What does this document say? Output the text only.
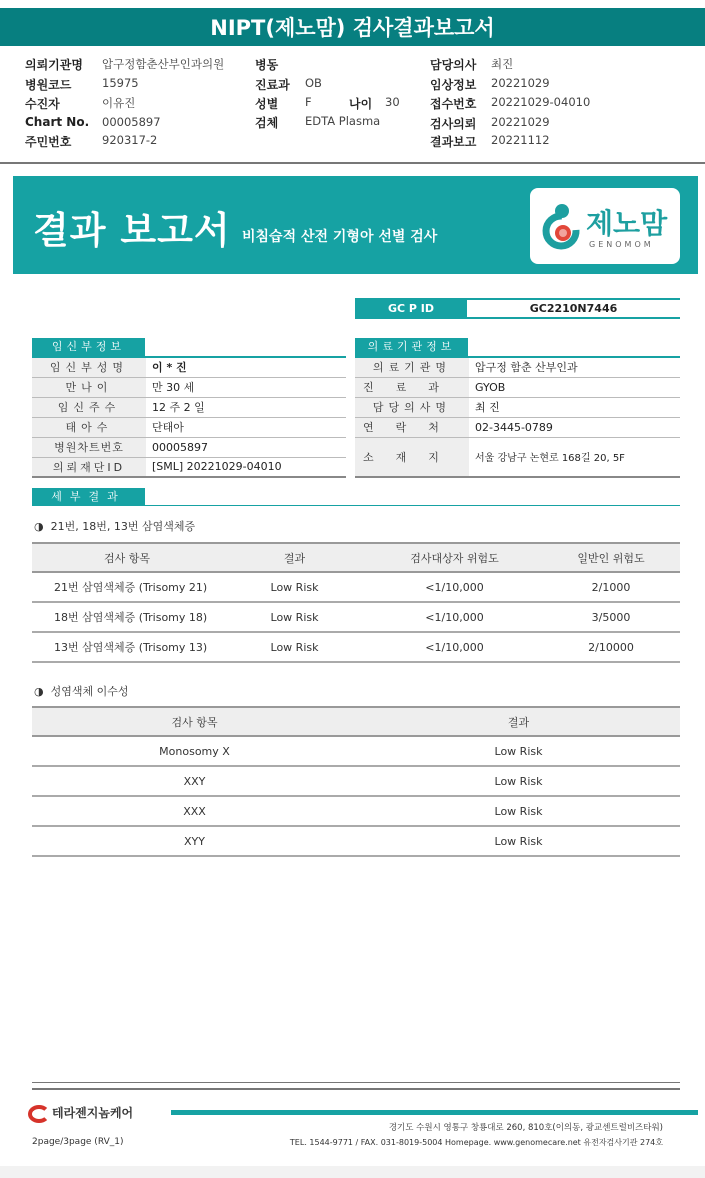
NIPT(제노맘) 검사결과보고서
의뢰기관명 압구정함춘산부인과의원
병원코드	15975
수진자	이유진
Chart No. 00005897
주민번호	920317-2
병동
진료과 OB
성별 F	나이 30
검체 EDTA Plasma
담당의사 최진
임상정보 20221029
접수번호 20221029-04010
검사의뢰 20221029
결과보고 20221112
결과 보고서 비침습적 산전 기형아 선별 검사	제노맘
GENOMOM
GC P ID	GC2210N7446
임신부정보	의료기관정보
임신부성명	이 * 진
만나이	만 30 세
임신주수	12 주 2 일
태아수	단태아
병원차트번호	00005897
의뢰재단ID	[SML] 20221029-04010
의료기관명	압구정 함춘 산부인과
진료과	GYOB
담당의사명	최 진
연락처	02-3445-0789
소재지	서울 강남구 논현로 168길 20, 5F
세부결과
◑ 21번, 18번, 13번 삼염색체증
검사 항목	결과	검사대상자 위험도	일반인 위험도
21번 삼염색체증 (Trisomy 21)	Low Risk	<1/10,000	2/1000
18번 삼염색체증 (Trisomy 18)	Low Risk	<1/10,000	3/5000
13번 삼염색체증 (Trisomy 13)	Low Risk	<1/10,000	2/10000
◑ 성염색체 이수성
검사 항목	결과
Monosomy X	Low Risk
XXY	Low Risk
XXX	Low Risk
XYY	Low Risk
테라젠지놈케어
경기도 수원시 영통구 창룡대로 260, 810호(이의동, 광교센트럴비즈타워)
TEL. 1544-9771 / FAX. 031-8019-5004 Homepage. www.genomecare.net 유전자검사기관 274호
2page/3page (RV_1)
